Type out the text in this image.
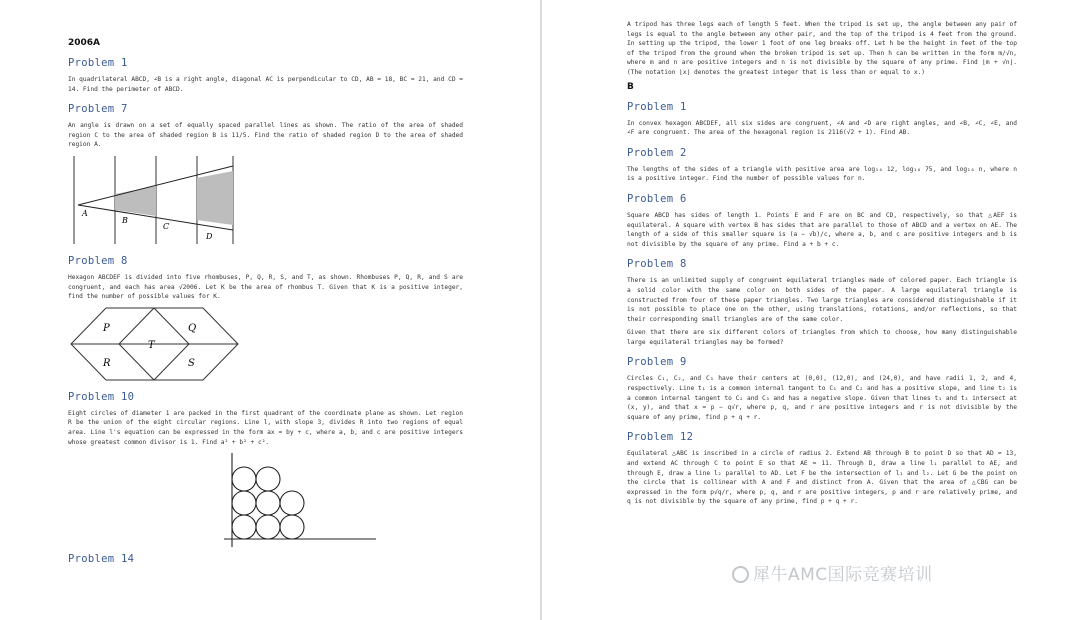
2006A
Problem 1
In quadrilateral ABCD, ∠B is a right angle, diagonal AC is perpendicular to CD, AB = 18, BC = 21, and CD = 14. Find the perimeter of ABCD.
Problem 7
An angle is drawn on a set of equally spaced parallel lines as shown. The ratio of the area of shaded region C to the area of shaded region B is 11/5. Find the ratio of shaded region D to the area of shaded region A.
A
B
C
D
Problem 8
Hexagon ABCDEF is divided into five rhombuses, P, Q, R, S, and T, as shown. Rhombuses P, Q, R, and S are congruent, and each has area √2006. Let K be the area of rhombus T. Given that K is a positive integer, find the number of possible values for K.
P	Q
T
R	S
Problem 10
Eight circles of diameter 1 are packed in the first quadrant of the coordinate plane as shown. Let region R be the union of the eight circular regions. Line l, with slope 3, divides R into two regions of equal area. Line l's equation can be expressed in the form ax = by + c, where a, b, and c are positive integers whose greatest common divisor is 1. Find a² + b² + c².
Problem 14
A tripod has three legs each of length 5 feet. When the tripod is set up, the angle between any pair of legs is equal to the angle between any other pair, and the top of the tripod is 4 feet from the ground. In setting up the tripod, the lower 1 foot of one leg breaks off. Let h be the height in feet of the top of the tripod from the ground when the broken tripod is set up. Then h can be written in the form m/√n, where m and n are positive integers and n is not divisible by the square of any prime. Find ⌊m + √n⌋. (The notation ⌊x⌋ denotes the greatest integer that is less than or equal to x.)
B
Problem 1
In convex hexagon ABCDEF, all six sides are congruent, ∠A and ∠D are right angles, and ∠B, ∠C, ∠E, and ∠F are congruent. The area of the hexagonal region is 2116(√2 + 1). Find AB.
Problem 2
The lengths of the sides of a triangle with positive area are log₁₀ 12, log₁₀ 75, and log₁₀ n, where n is a positive integer. Find the number of possible values for n.
Problem 6
Square ABCD has sides of length 1. Points E and F are on BC and CD, respectively, so that △AEF is equilateral. A square with vertex B has sides that are parallel to those of ABCD and a vertex on AE. The length of a side of this smaller square is (a − √b)/c, where a, b, and c are positive integers and b is not divisible by the square of any prime. Find a + b + c.
Problem 8
There is an unlimited supply of congruent equilateral triangles made of colored paper. Each triangle is a solid color with the same color on both sides of the paper. A large equilateral triangle is constructed from four of these paper triangles. Two large triangles are considered distinguishable if it is not possible to place one on the other, using translations, rotations, and/or reflections, so that their corresponding small triangles are of the same color.
Given that there are six different colors of triangles from which to choose, how many distinguishable large equilateral triangles may be formed?
Problem 9
Circles C₁, C₂, and C₃ have their centers at (0,0), (12,0), and (24,0), and have radii 1, 2, and 4, respectively. Line t₁ is a common internal tangent to C₁ and C₂ and has a positive slope, and line t₂ is a common internal tangent to C₂ and C₃ and has a negative slope. Given that lines t₁ and t₂ intersect at (x, y), and that x = p − q√r, where p, q, and r are positive integers and r is not divisible by the square of any prime, find p + q + r.
Problem 12
Equilateral △ABC is inscribed in a circle of radius 2. Extend AB through B to point D so that AD = 13, and extend AC through C to point E so that AE = 11. Through D, draw a line l₁ parallel to AE, and through E, draw a line l₂ parallel to AD. Let F be the intersection of l₁ and l₂. Let G be the point on the circle that is collinear with A and F and distinct from A. Given that the area of △CBG can be expressed in the form p√q/r, where p, q, and r are positive integers, p and r are relatively prime, and q is not divisible by the square of any prime, find p + q + r.
犀牛AMC国际竞赛培训
